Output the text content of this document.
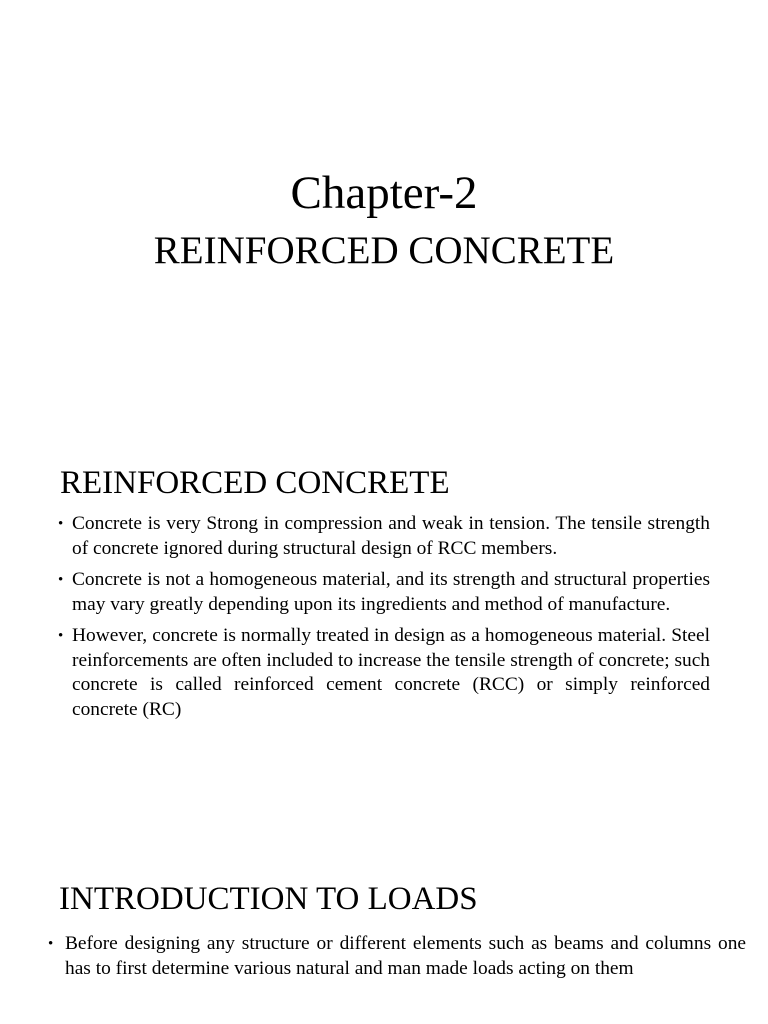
Chapter-2
REINFORCED CONCRETE
REINFORCED CONCRETE
• Concrete is very Strong in compression and weak in tension. The tensile strength of concrete ignored during structural design of RCC members.
• Concrete is not a homogeneous material, and its strength and structural properties may vary greatly depending upon its ingredients and method of manufacture.
• However, concrete is normally treated in design as a homogeneous material. Steel reinforcements are often included to increase the tensile strength of concrete; such concrete is called reinforced cement concrete (RCC) or simply reinforced concrete (RC)
INTRODUCTION TO LOADS
• Before designing any structure or different elements such as beams and columns one has to first determine various natural and man made loads acting on them
